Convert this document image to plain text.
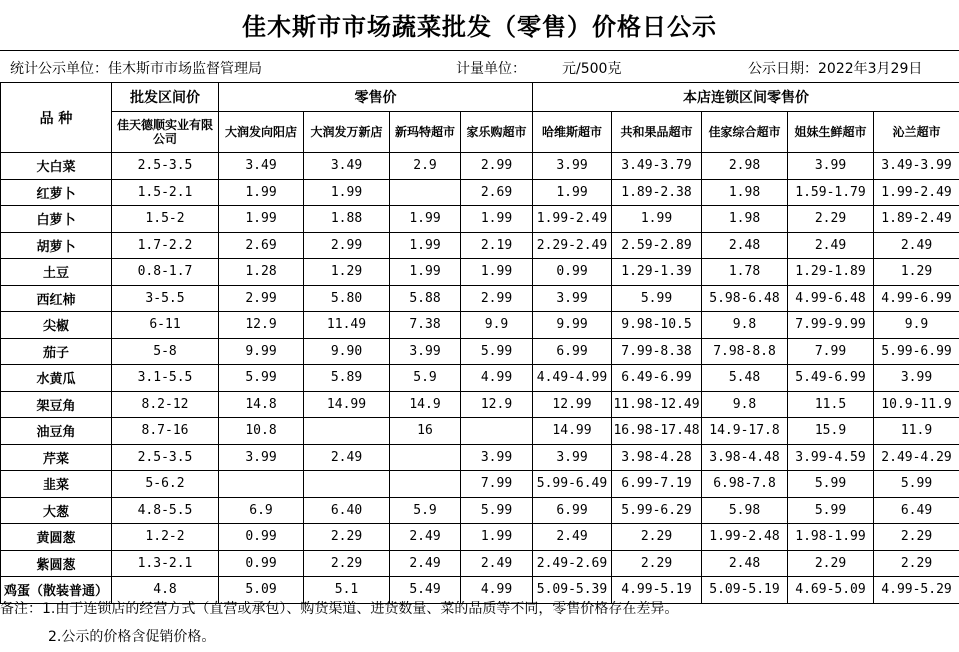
佳木斯市市场蔬菜批发（零售）价格日公示
统计公示单位：佳木斯市市场监督管理局	计量单位：	元/500克	公示日期：2022年3月29日
品 种	批发区间价	零售价				本店连锁区间零售价				
	佳天德顺实业有限公司	大润发向阳店	大润发万新店	新玛特超市	家乐购超市	哈维斯超市	共和果品超市	佳家综合超市	姐妹生鲜超市	沁兰超市
大白菜	2.5-3.5	3.49	3.49	2.9	2.99	3.99	3.49-3.79	2.98	3.99	3.49-3.99
红萝卜	1.5-2.1	1.99	1.99		2.69	1.99	1.89-2.38	1.98	1.59-1.79	1.99-2.49
白萝卜	1.5-2	1.99	1.88	1.99	1.99	1.99-2.49	1.99	1.98	2.29	1.89-2.49
胡萝卜	1.7-2.2	2.69	2.99	1.99	2.19	2.29-2.49	2.59-2.89	2.48	2.49	2.49
土豆	0.8-1.7	1.28	1.29	1.99	1.99	0.99	1.29-1.39	1.78	1.29-1.89	1.29
西红柿	3-5.5	2.99	5.80	5.88	2.99	3.99	5.99	5.98-6.48	4.99-6.48	4.99-6.99
尖椒	6-11	12.9	11.49	7.38	9.9	9.99	9.98-10.5	9.8	7.99-9.99	9.9
茄子	5-8	9.99	9.90	3.99	5.99	6.99	7.99-8.38	7.98-8.8	7.99	5.99-6.99
水黄瓜	3.1-5.5	5.99	5.89	5.9	4.99	4.49-4.99	6.49-6.99	5.48	5.49-6.99	3.99
架豆角	8.2-12	14.8	14.99	14.9	12.9	12.99	11.98-12.49	9.8	11.5	10.9-11.9
油豆角	8.7-16	10.8		16		14.99	16.98-17.48	14.9-17.8	15.9	11.9
芹菜	2.5-3.5	3.99	2.49		3.99	3.99	3.98-4.28	3.98-4.48	3.99-4.59	2.49-4.29
韭菜	5-6.2				7.99	5.99-6.49	6.99-7.19	6.98-7.8	5.99	5.99
大葱	4.8-5.5	6.9	6.40	5.9	5.99	6.99	5.99-6.29	5.98	5.99	6.49
黄圆葱	1.2-2	0.99	2.29	2.49	1.99	2.49	2.29	1.99-2.48	1.98-1.99	2.29
紫圆葱	1.3-2.1	0.99	2.29	2.49	2.49	2.49-2.69	2.29	2.48	2.29	2.29
鸡蛋（散装普通）	4.8	5.09	5.1	5.49	4.99	5.09-5.39	4.99-5.19	5.09-5.19	4.69-5.09	4.99-5.29
备注：1.由于连锁店的经营方式（直营或承包）、购货渠道、进货数量、菜的品质等不同，零售价格存在差异。
2.公示的价格含促销价格。
